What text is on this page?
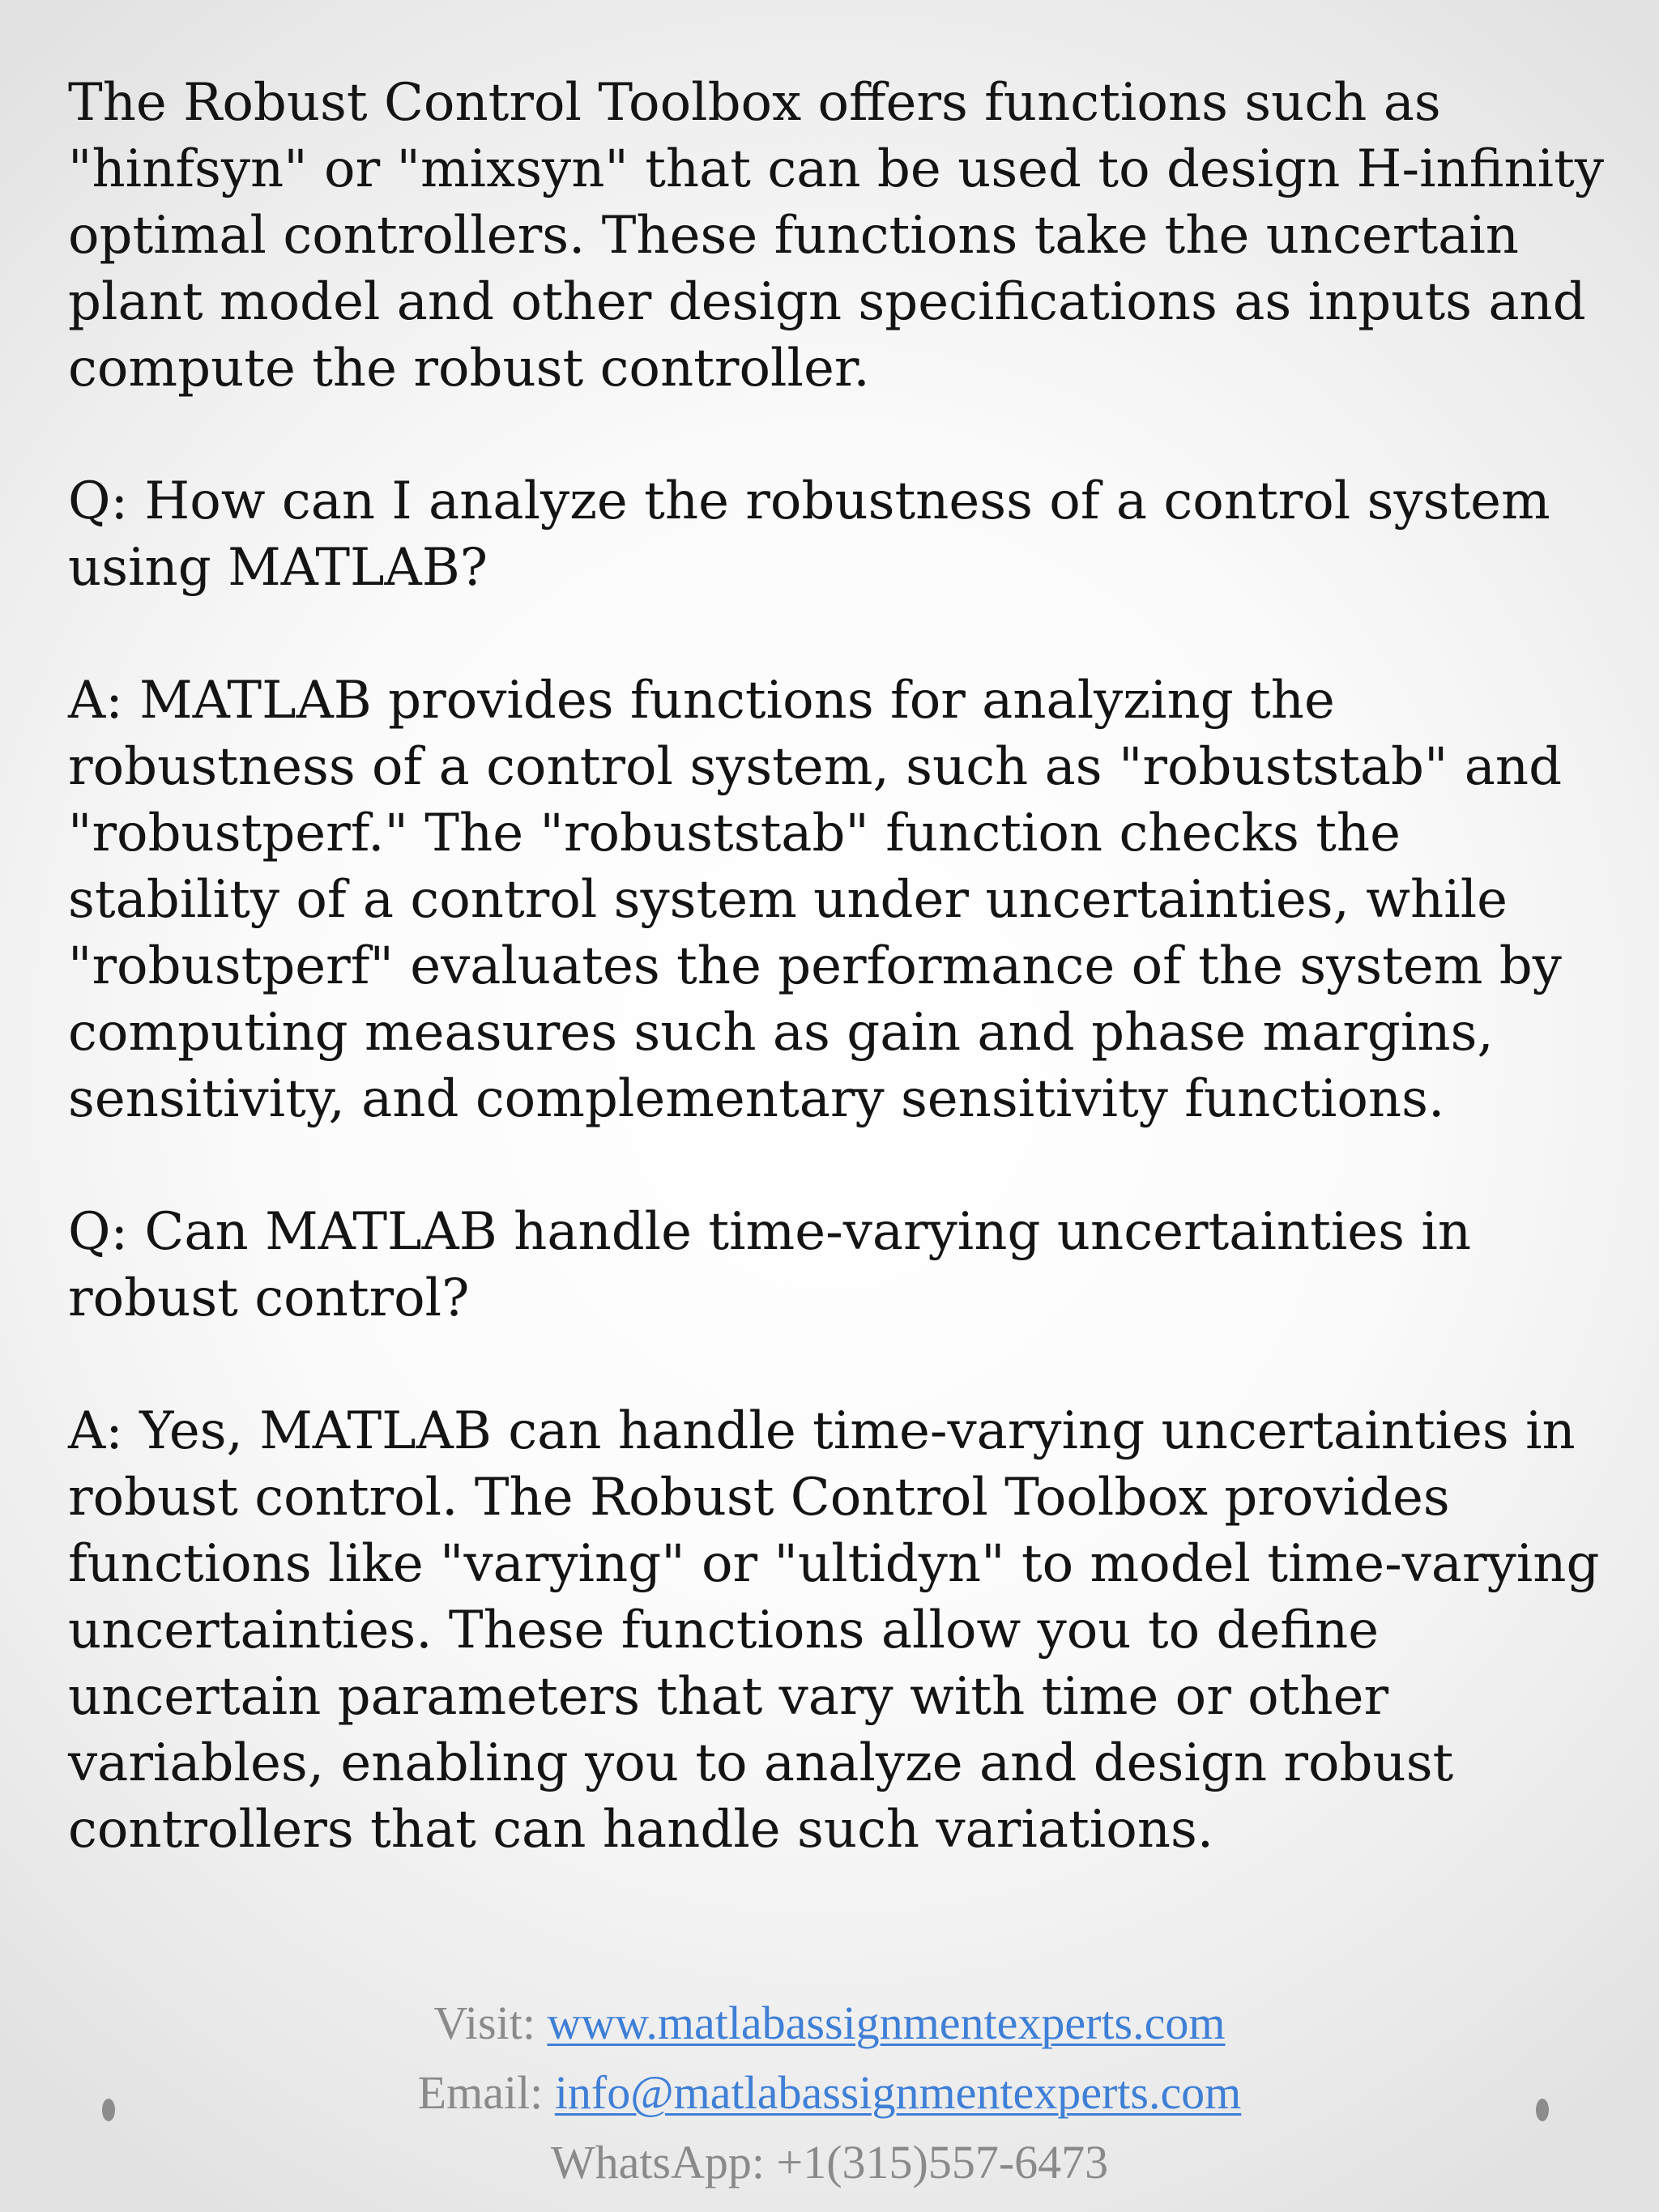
The Robust Control Toolbox offers functions such as "hinfsyn" or "mixsyn" that can be used to design H-infinity optimal controllers. These functions take the uncertain plant model and other design specifications as inputs and compute the robust controller.

Q: How can I analyze the robustness of a control system using MATLAB?

A: MATLAB provides functions for analyzing the robustness of a control system, such as "robuststab" and "robustperf." The "robuststab" function checks the stability of a control system under uncertainties, while "robustperf" evaluates the performance of the system by computing measures such as gain and phase margins, sensitivity, and complementary sensitivity functions.

Q: Can MATLAB handle time-varying uncertainties in robust control?

A: Yes, MATLAB can handle time-varying uncertainties in robust control. The Robust Control Toolbox provides functions like "varying" or "ultidyn" to model time-varying uncertainties. These functions allow you to define uncertain parameters that vary with time or other variables, enabling you to analyze and design robust controllers that can handle such variations.

Visit: www.matlabassignmentexperts.com
Email: info@matlabassignmentexperts.com
WhatsApp: +1(315)557-6473
